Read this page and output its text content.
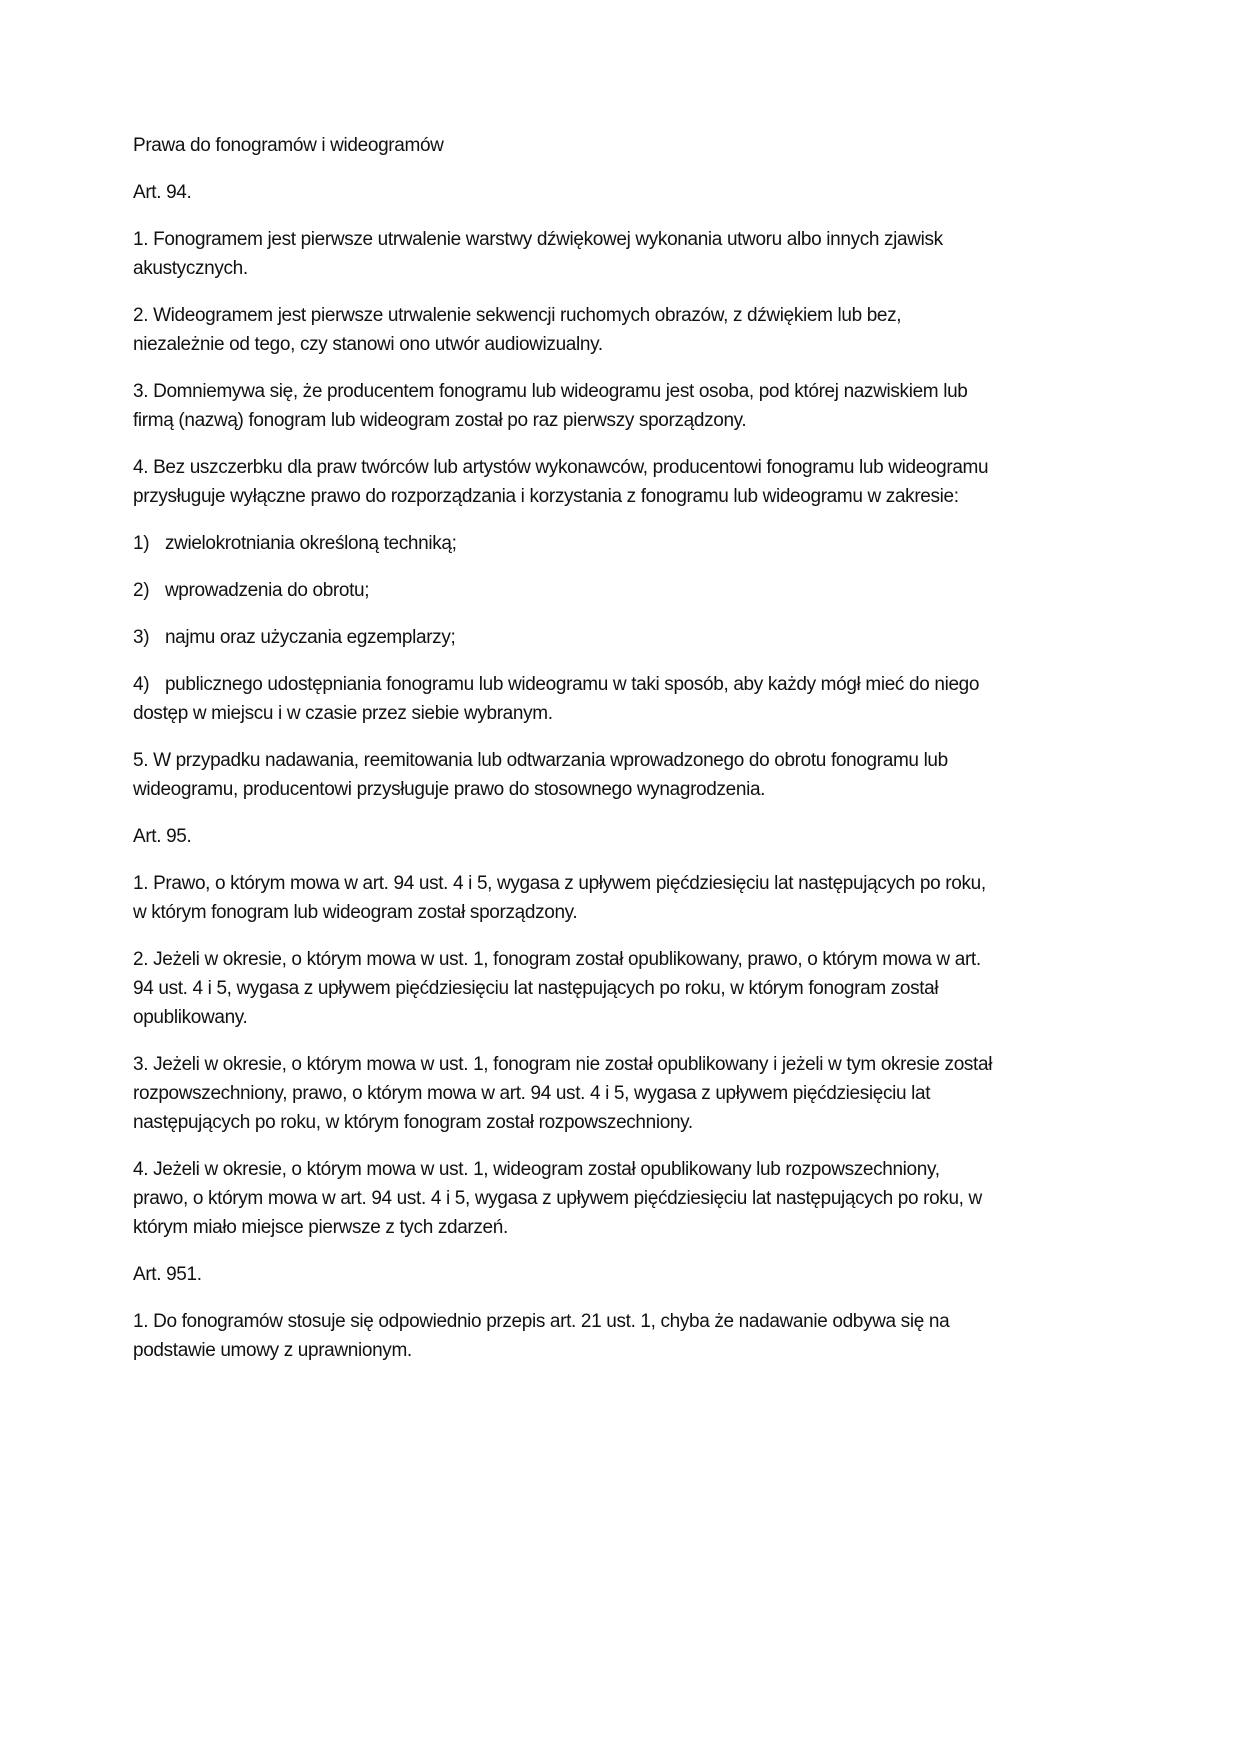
Prawa do fonogramów i wideogramów

Art. 94.

1. Fonogramem jest pierwsze utrwalenie warstwy dźwiękowej wykonania utworu albo innych zjawisk akustycznych.

2. Wideogramem jest pierwsze utrwalenie sekwencji ruchomych obrazów, z dźwiękiem lub bez, niezależnie od tego, czy stanowi ono utwór audiowizualny.

3. Domniemywa się, że producentem fonogramu lub wideogramu jest osoba, pod której nazwiskiem lub firmą (nazwą) fonogram lub wideogram został po raz pierwszy sporządzony.

4. Bez uszczerbku dla praw twórców lub artystów wykonawców, producentowi fonogramu lub wideogramu przysługuje wyłączne prawo do rozporządzania i korzystania z fonogramu lub wideogramu w zakresie:

1) zwielokrotniania określoną techniką;

2) wprowadzenia do obrotu;

3) najmu oraz użyczania egzemplarzy;

4) publicznego udostępniania fonogramu lub wideogramu w taki sposób, aby każdy mógł mieć do niego dostęp w miejscu i w czasie przez siebie wybranym.

5. W przypadku nadawania, reemitowania lub odtwarzania wprowadzonego do obrotu fonogramu lub wideogramu, producentowi przysługuje prawo do stosownego wynagrodzenia.

Art. 95.

1. Prawo, o którym mowa w art. 94 ust. 4 i 5, wygasa z upływem pięćdziesięciu lat następujących po roku, w którym fonogram lub wideogram został sporządzony.

2. Jeżeli w okresie, o którym mowa w ust. 1, fonogram został opublikowany, prawo, o którym mowa w art. 94 ust. 4 i 5, wygasa z upływem pięćdziesięciu lat następujących po roku, w którym fonogram został opublikowany.

3. Jeżeli w okresie, o którym mowa w ust. 1, fonogram nie został opublikowany i jeżeli w tym okresie został rozpowszechniony, prawo, o którym mowa w art. 94 ust. 4 i 5, wygasa z upływem pięćdziesięciu lat następujących po roku, w którym fonogram został rozpowszechniony.

4. Jeżeli w okresie, o którym mowa w ust. 1, wideogram został opublikowany lub rozpowszechniony, prawo, o którym mowa w art. 94 ust. 4 i 5, wygasa z upływem pięćdziesięciu lat następujących po roku, w którym miało miejsce pierwsze z tych zdarzeń.

Art. 951.

1. Do fonogramów stosuje się odpowiednio przepis art. 21 ust. 1, chyba że nadawanie odbywa się na podstawie umowy z uprawnionym.
